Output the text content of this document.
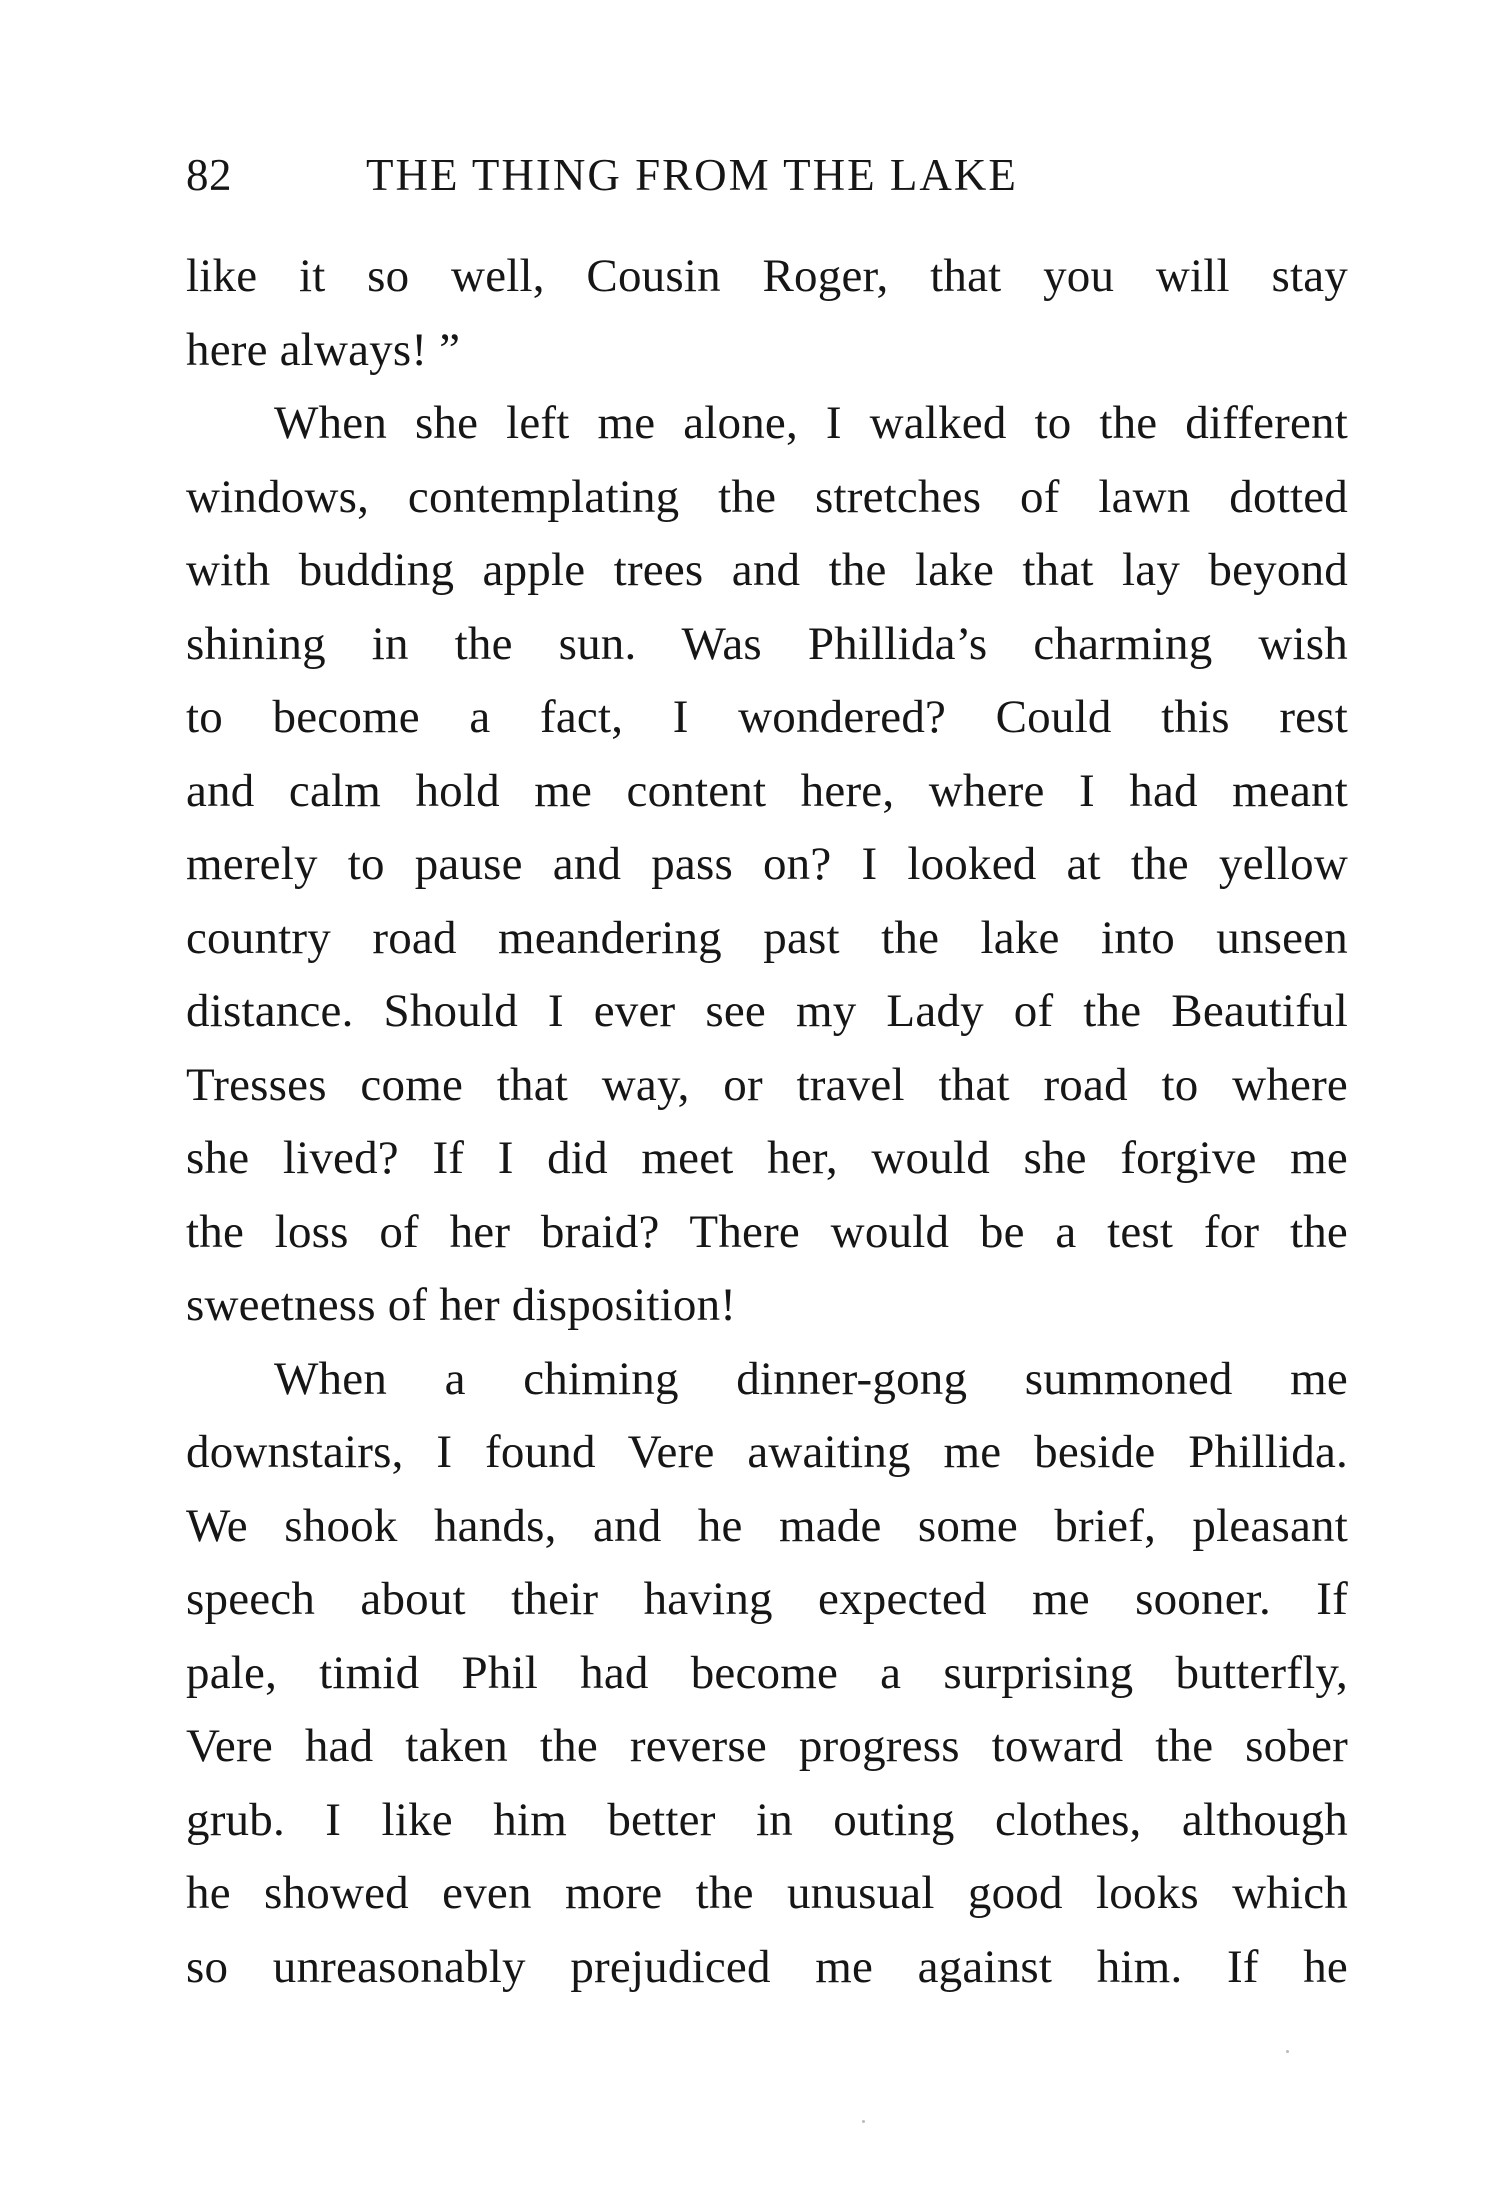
82	THE THING FROM THE LAKE
like it so well, Cousin Roger, that you will stay
here always! ”
When she left me alone, I walked to the different
windows, contemplating the stretches of lawn dotted
with budding apple trees and the lake that lay beyond
shining in the sun. Was Phillida’s charming wish
to become a fact, I wondered? Could this rest
and calm hold me content here, where I had meant
merely to pause and pass on? I looked at the yellow
country road meandering past the lake into unseen
distance. Should I ever see my Lady of the Beautiful
Tresses come that way, or travel that road to where
she lived? If I did meet her, would she forgive me
the loss of her braid? There would be a test for the
sweetness of her disposition!
When a chiming dinner-gong summoned me
downstairs, I found Vere awaiting me beside Phillida.
We shook hands, and he made some brief, pleasant
speech about their having expected me sooner. If
pale, timid Phil had become a surprising butterfly,
Vere had taken the reverse progress toward the sober
grub. I like him better in outing clothes, although
he showed even more the unusual good looks which
so unreasonably prejudiced me against him. If he
